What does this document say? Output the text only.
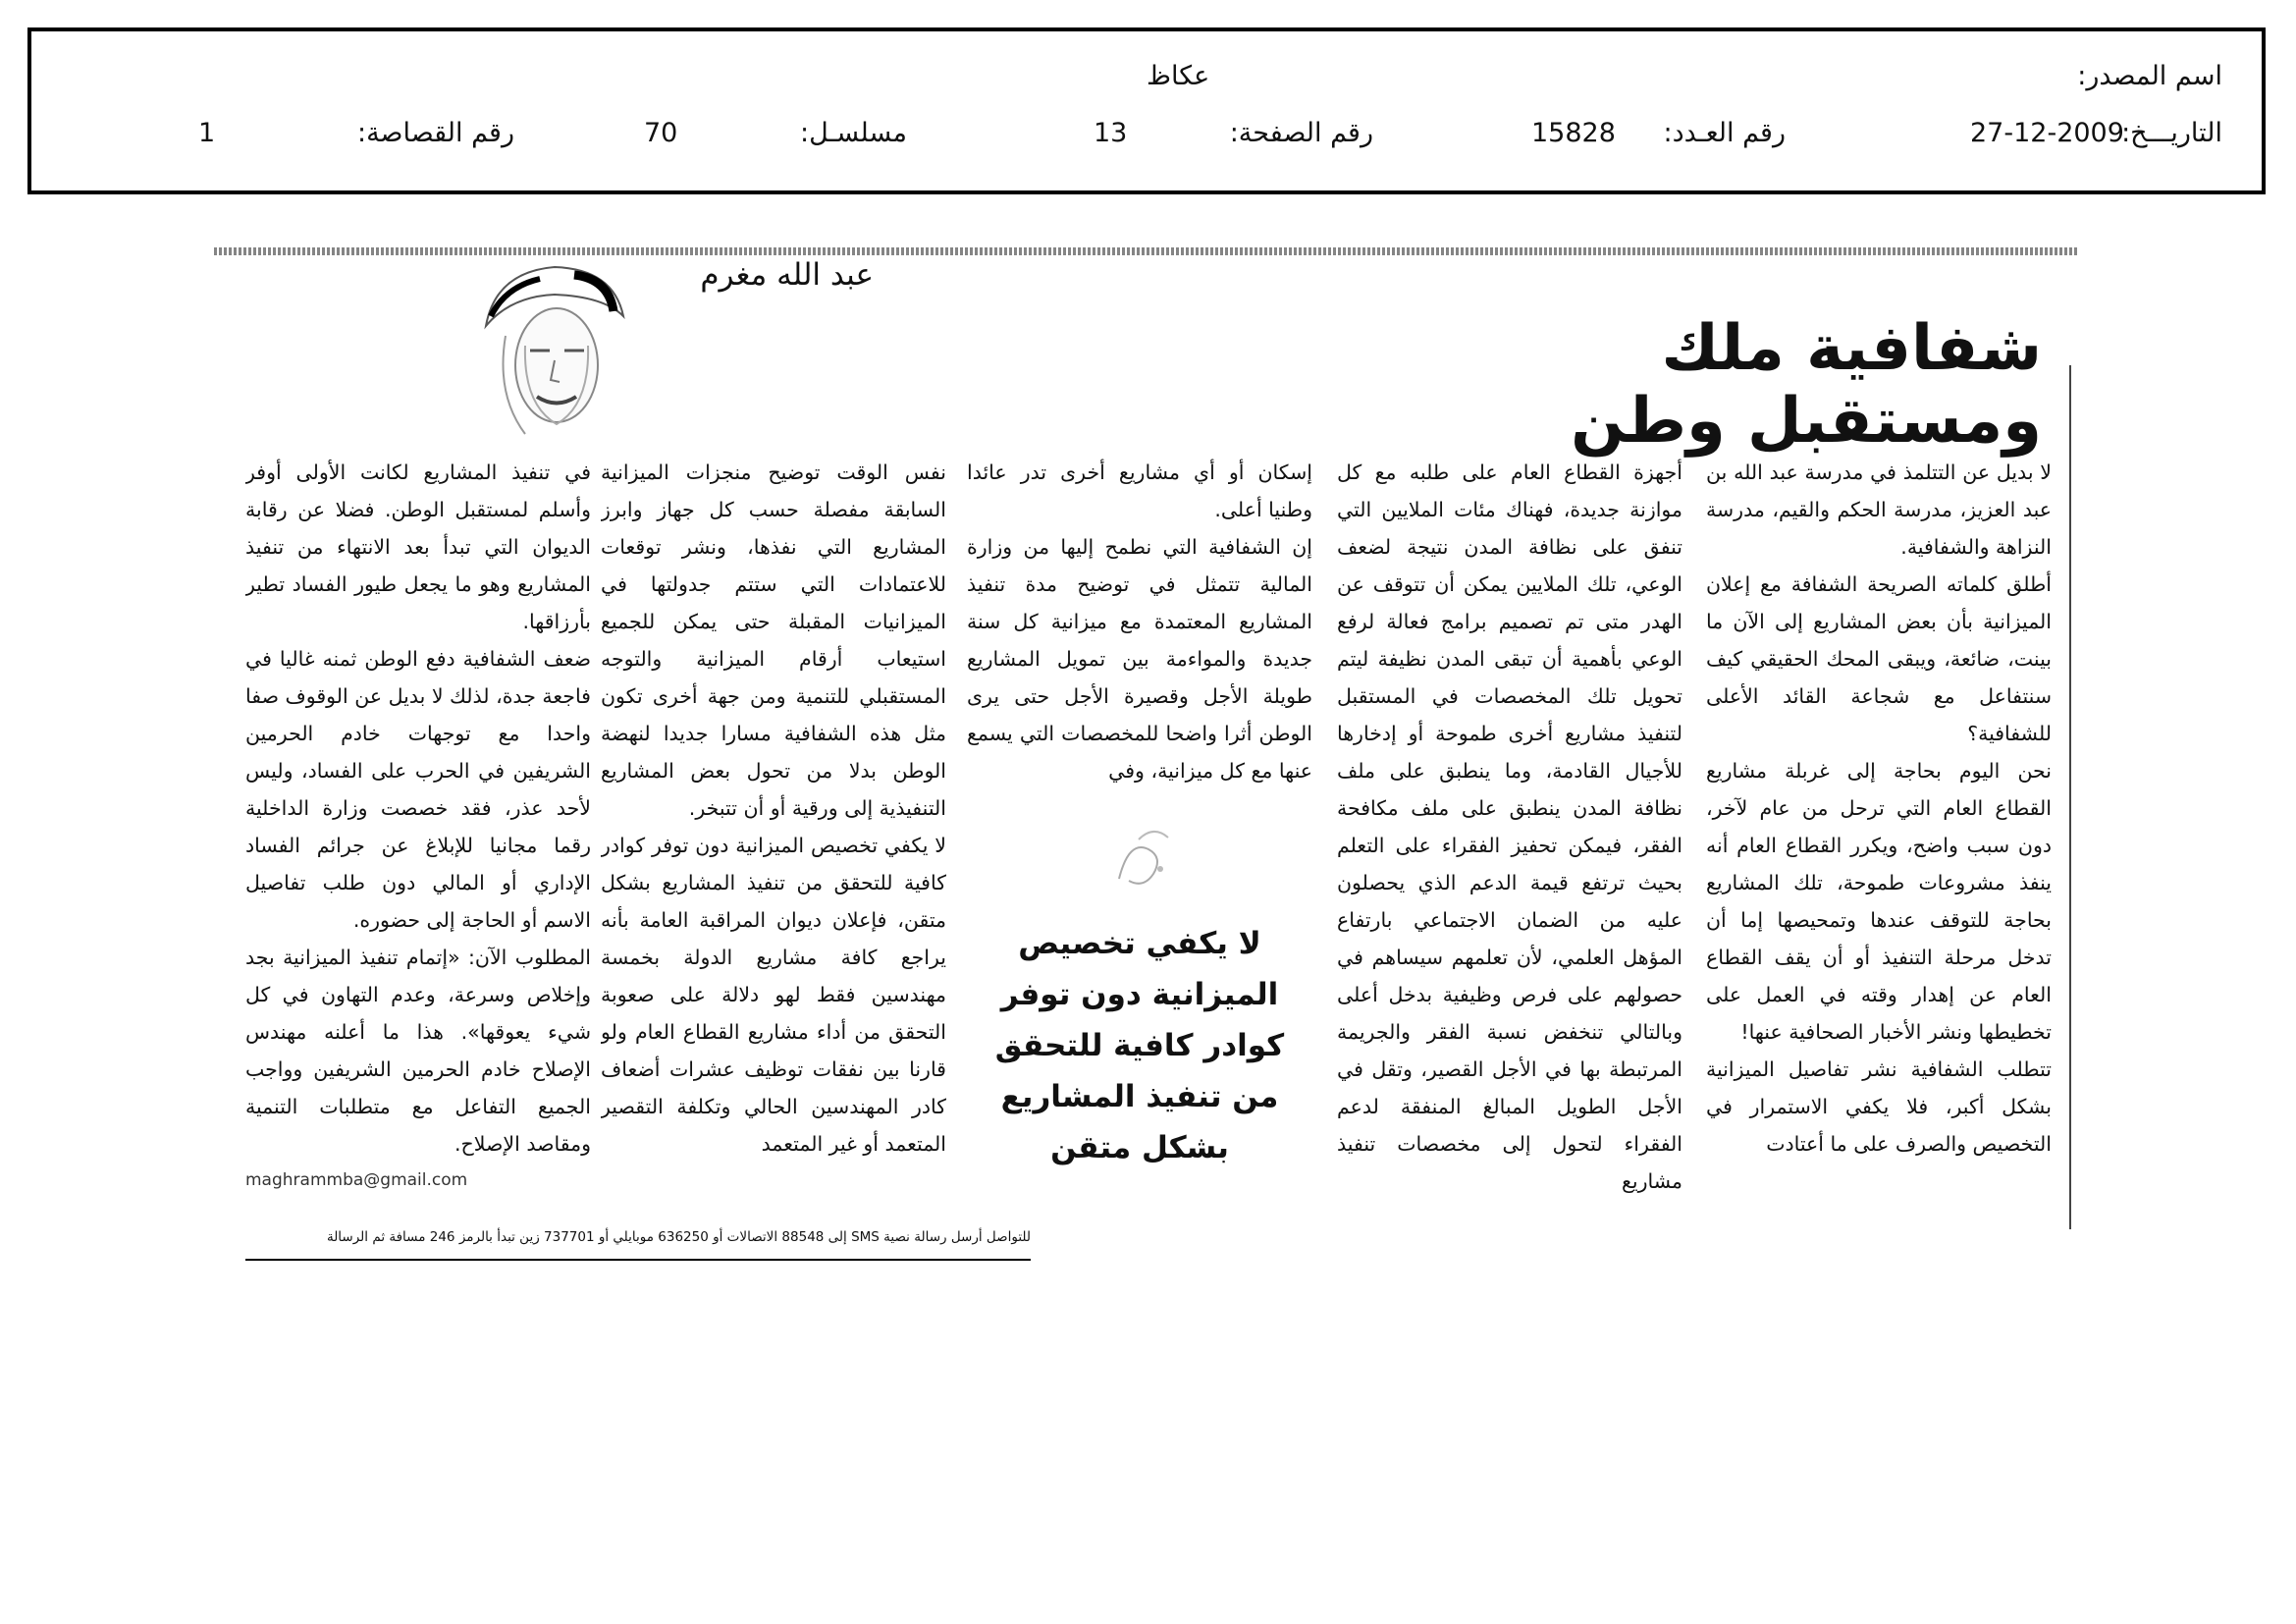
اسم المصدر:
عكاظ
التاريـــخ:
27-12-2009
رقم العـدد:
15828
رقم الصفحة:
13
مسلسـل:
70
رقم القصاصة:
1
عبد الله مغرم
شفافية ملك ومستقبل وطن
لا بديل عن التتلمذ في مدرسة عبد الله بن عبد العزيز، مدرسة الحكم والقيم، مدرسة النزاهة والشفافية.
أطلق كلماته الصريحة الشفافة مع إعلان الميزانية بأن بعض المشاريع إلى الآن ما بينت، ضائعة، ويبقى المحك الحقيقي كيف سنتفاعل مع شجاعة القائد الأعلى للشفافية؟
نحن اليوم بحاجة إلى غربلة مشاريع القطاع العام التي ترحل من عام لآخر، دون سبب واضح، ويكرر القطاع العام أنه ينفذ مشروعات طموحة، تلك المشاريع بحاجة للتوقف عندها وتمحيصها إما أن تدخل مرحلة التنفيذ أو أن يقف القطاع العام عن إهدار وقته في العمل على تخطيطها ونشر الأخبار الصحافية عنها!
تتطلب الشفافية نشر تفاصيل الميزانية بشكل أكبر، فلا يكفي الاستمرار في التخصيص والصرف على ما أعتادت
أجهزة القطاع العام على طلبه مع كل موازنة جديدة، فهناك مئات الملايين التي تنفق على نظافة المدن نتيجة لضعف الوعي، تلك الملايين يمكن أن تتوقف عن الهدر متى تم تصميم برامج فعالة لرفع الوعي بأهمية أن تبقى المدن نظيفة ليتم تحويل تلك المخصصات في المستقبل لتنفيذ مشاريع أخرى طموحة أو إدخارها للأجيال القادمة، وما ينطبق على ملف نظافة المدن ينطبق على ملف مكافحة الفقر، فيمكن تحفيز الفقراء على التعلم بحيث ترتفع قيمة الدعم الذي يحصلون عليه من الضمان الاجتماعي بارتفاع المؤهل العلمي، لأن تعلمهم سيساهم في حصولهم على فرص وظيفية بدخل أعلى وبالتالي تنخفض نسبة الفقر والجريمة المرتبطة بها في الأجل القصير، وتقل في الأجل الطويل المبالغ المنفقة لدعم الفقراء لتحول إلى مخصصات تنفيذ مشاريع
إسكان أو أي مشاريع أخرى تدر عائدا وطنيا أعلى.
إن الشفافية التي نطمح إليها من وزارة المالية تتمثل في توضيح مدة تنفيذ المشاريع المعتمدة مع ميزانية كل سنة جديدة والمواءمة بين تمويل المشاريع طويلة الأجل وقصيرة الأجل حتى يرى الوطن أثرا واضحا للمخصصات التي يسمع عنها مع كل ميزانية، وفي
نفس الوقت توضيح منجزات الميزانية السابقة مفصلة حسب كل جهاز وابرز المشاريع التي نفذها، ونشر توقعات للاعتمادات التي ستتم جدولتها في الميزانيات المقبلة حتى يمكن للجميع استيعاب أرقام الميزانية والتوجه المستقبلي للتنمية ومن جهة أخرى تكون مثل هذه الشفافية مسارا جديدا لنهضة الوطن بدلا من تحول بعض المشاريع التنفيذية إلى ورقية أو أن تتبخر.
لا يكفي تخصيص الميزانية دون توفر كوادر كافية للتحقق من تنفيذ المشاريع بشكل متقن، فإعلان ديوان المراقبة العامة بأنه يراجع كافة مشاريع الدولة بخمسة مهندسين فقط لهو دلالة على صعوبة التحقق من أداء مشاريع القطاع العام ولو قارنا بين نفقات توظيف عشرات أضعاف كادر المهندسين الحالي وتكلفة التقصير المتعمد أو غير المتعمد
في تنفيذ المشاريع لكانت الأولى أوفر وأسلم لمستقبل الوطن. فضلا عن رقابة الديوان التي تبدأ بعد الانتهاء من تنفيذ المشاريع وهو ما يجعل طيور الفساد تطير بأرزاقها.
ضعف الشفافية دفع الوطن ثمنه غاليا في فاجعة جدة، لذلك لا بديل عن الوقوف صفا واحدا مع توجهات خادم الحرمين الشريفين في الحرب على الفساد، وليس لأحد عذر، فقد خصصت وزارة الداخلية رقما مجانيا للإبلاغ عن جرائم الفساد الإداري أو المالي دون طلب تفاصيل الاسم أو الحاجة إلى حضوره.
المطلوب الآن: «إتمام تنفيذ الميزانية بجد وإخلاص وسرعة، وعدم التهاون في كل شيء يعوقها». هذا ما أعلنه مهندس الإصلاح خادم الحرمين الشريفين وواجب الجميع التفاعل مع متطلبات التنمية ومقاصد الإصلاح.
لا يكفي تخصيص الميزانية دون توفر كوادر كافية للتحقق من تنفيذ المشاريع بشكل متقن
maghrammba@gmail.com
للتواصل أرسل رسالة نصية SMS إلى 88548 الاتصالات أو 636250 موبايلي أو 737701 زين تبدأ بالرمز 246 مسافة ثم الرسالة
